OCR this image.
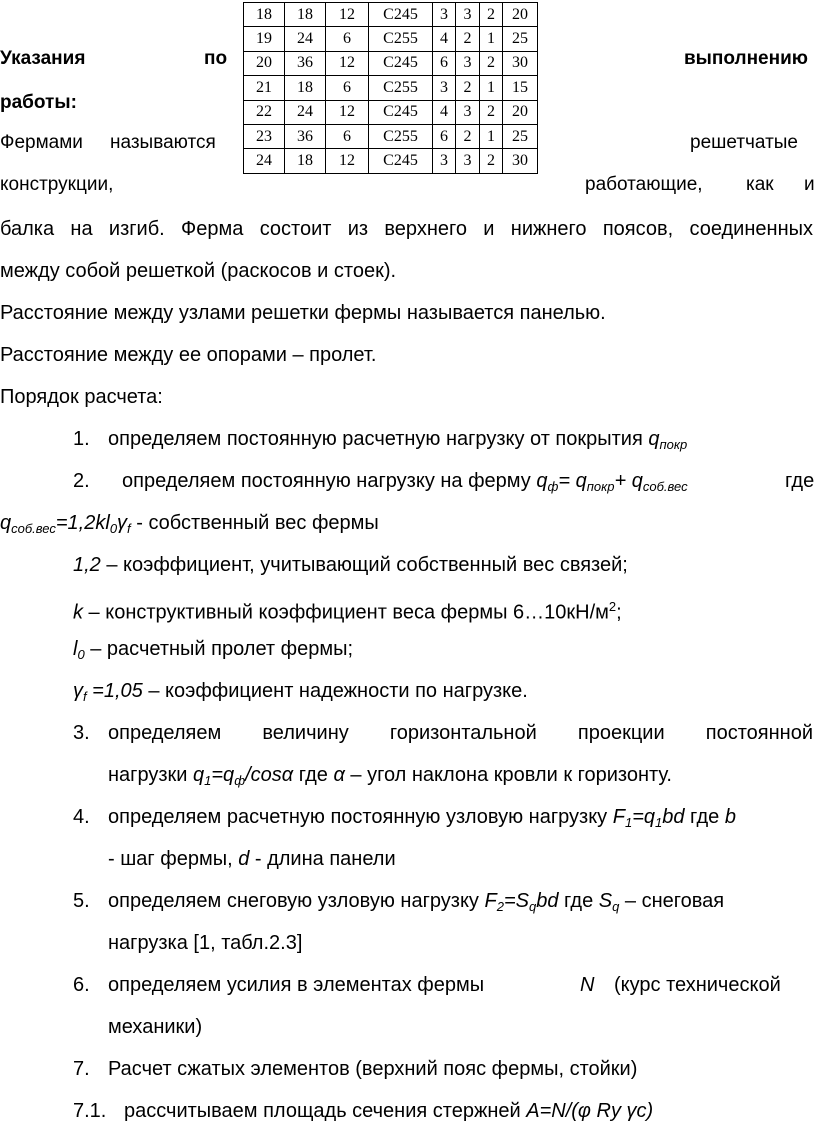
18	18	12	С245	3	3	2	20
19	24	6	С255	4	2	1	25
20	36	12	С245	6	3	2	30
21	18	6	С255	3	2	1	15
22	24	12	С245	4	3	2	20
23	36	6	С255	6	2	1	25
24	18	12	С245	3	3	2	30
Указания	по	выполнению
работы:
Фермами называются	решетчатые
конструкции,	работающие, как и
балка на изгиб. Ферма состоит из верхнего и нижнего поясов, соединенных
между собой решеткой (раскосов и стоек).
Расстояние между узлами решетки фермы называется панелью.
Расстояние между ее опорами – пролет.
Порядок расчета:
1. определяем постоянную расчетную нагрузку от покрытия $q_{покр}$
2. определяем постоянную нагрузку на ферму $q_ф= q_{покр}+ q_{соб.вес}$	где
$q_{соб.вес}=1,2kl_0\gamma_f$ - собственный вес фермы
1,2 – коэффициент, учитывающий собственный вес связей;
k – конструктивный коэффициент веса фермы $6\dots 10кН/м^2$;
$l_0$ – расчетный пролет фермы;
$\gamma_f =1,05$ – коэффициент надежности по нагрузке.
3. определяем величину горизонтальной проекции постоянной
нагрузки $q_1=q_ф$/cosα где α – угол наклона кровли к горизонту.
4. определяем расчетную постоянную узловую нагрузку $F_1=q_1bd$ где b
- шаг фермы, d - длина панели
5. определяем снеговую узловую нагрузку $F_2=S_qbd$ где $S_q$ – снеговая
нагрузка [1, табл.2.3]
6. определяем усилия в элементах фермы	N (курс технической
механики)
7. Расчет сжатых элементов (верхний пояс фермы, стойки)
7.1. рассчитываем площадь сечения стержней A=N/(φ Ry γc)
